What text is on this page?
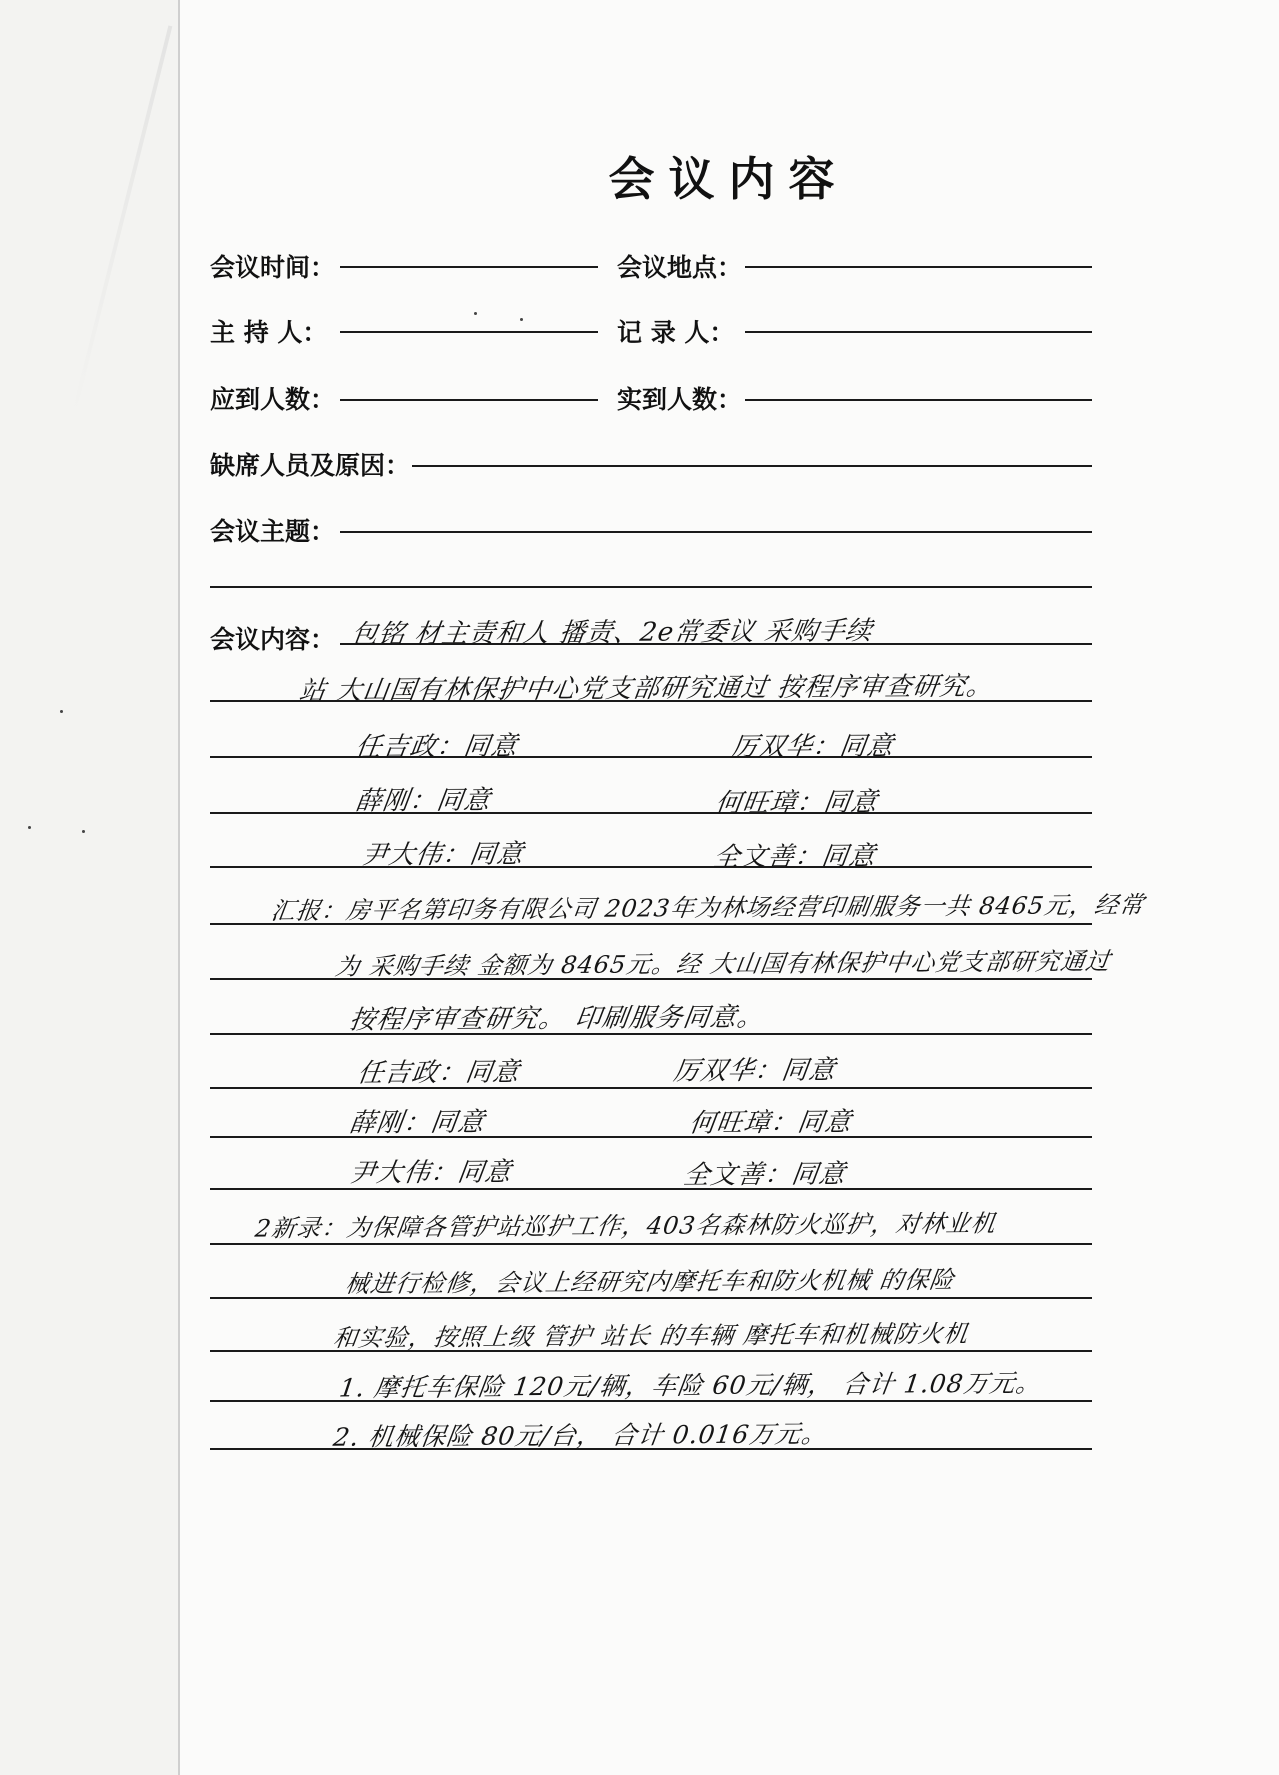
会议内容
会议时间：	会议地点：
主 持 人：	记 录 人：
应到人数：	实到人数：
缺席人员及原因：
会议主题：
会议内容： 包铭 材主责和人 播责、2e常委议 采购手续
站 大山国有林保护中心党支部研究通过 按程序审查研究。
任吉政：同意	厉双华：同意
薛刚：同意	何旺璋：同意
尹大伟：同意	全文善：同意
汇报：房平名第印务有限公司 2023年为林场经营印刷服务一共 8465元，经常
为 采购手续 金额为 8465元。经 大山国有林保护中心党支部研究通过
按程序审查研究。 印刷服务同意。
任吉政：同意	厉双华：同意
薛刚：同意	何旺璋：同意
尹大伟：同意	全文善：同意
2新录：为保障各管护站巡护工作，403名森林防火巡护，对林业机
械进行检修，会议上经研究内摩托车和防火机械 的保险
和实验，按照上级 管护 站长 的车辆 摩托车和机械防火机
1. 摩托车保险 120元/辆，车险 60元/辆， 合计 1.08万元。
2. 机械保险 80元/台， 合计 0.016万元。
